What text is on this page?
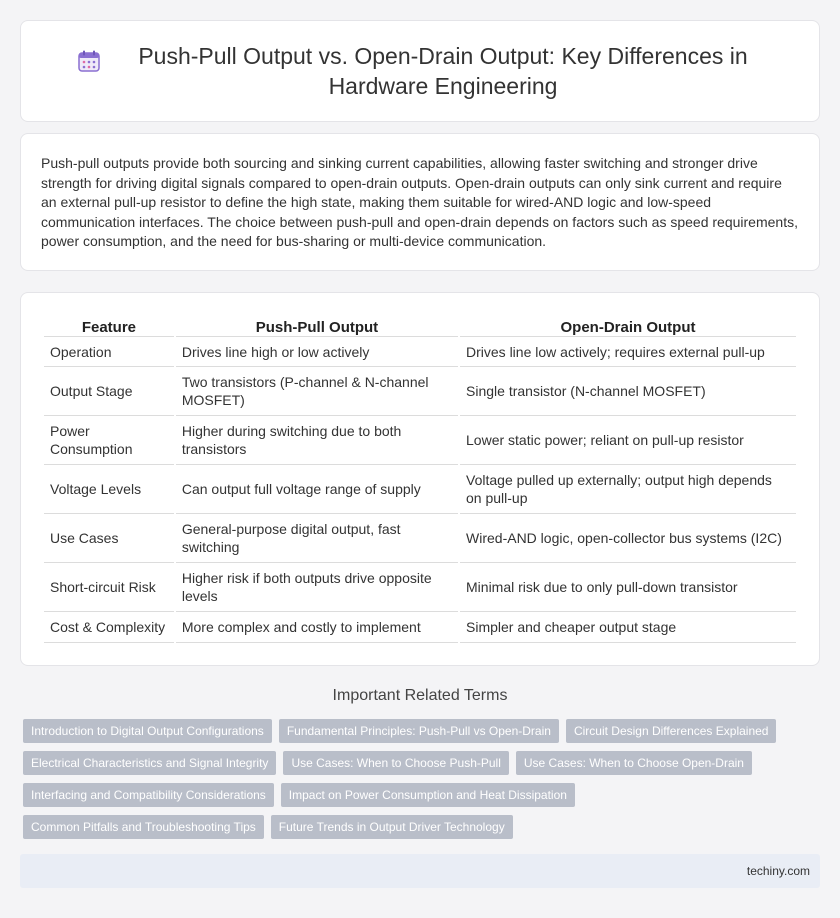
Push-Pull Output vs. Open-Drain Output: Key Differences in Hardware Engineering

Push-pull outputs provide both sourcing and sinking current capabilities, allowing faster switching and stronger drive strength for driving digital signals compared to open-drain outputs. Open-drain outputs can only sink current and require an external pull-up resistor to define the high state, making them suitable for wired-AND logic and low-speed communication interfaces. The choice between push-pull and open-drain depends on factors such as speed requirements, power consumption, and the need for bus-sharing or multi-device communication.

Feature	Push-Pull Output	Open-Drain Output
Operation	Drives line high or low actively	Drives line low actively; requires external pull-up
Output Stage	Two transistors (P-channel & N-channel MOSFET)	Single transistor (N-channel MOSFET)
Power Consumption	Higher during switching due to both transistors	Lower static power; reliant on pull-up resistor
Voltage Levels	Can output full voltage range of supply	Voltage pulled up externally; output high depends on pull-up
Use Cases	General-purpose digital output, fast switching	Wired-AND logic, open-collector bus systems (I2C)
Short-circuit Risk	Higher risk if both outputs drive opposite levels	Minimal risk due to only pull-down transistor
Cost & Complexity	More complex and costly to implement	Simpler and cheaper output stage
Important Related Terms
Introduction to Digital Output Configurations	Fundamental Principles: Push-Pull vs Open-Drain	Circuit Design Differences Explained
Electrical Characteristics and Signal Integrity	Use Cases: When to Choose Push-Pull	Use Cases: When to Choose Open-Drain
Interfacing and Compatibility Considerations	Impact on Power Consumption and Heat Dissipation
Common Pitfalls and Troubleshooting Tips	Future Trends in Output Driver Technology
techiny.com
